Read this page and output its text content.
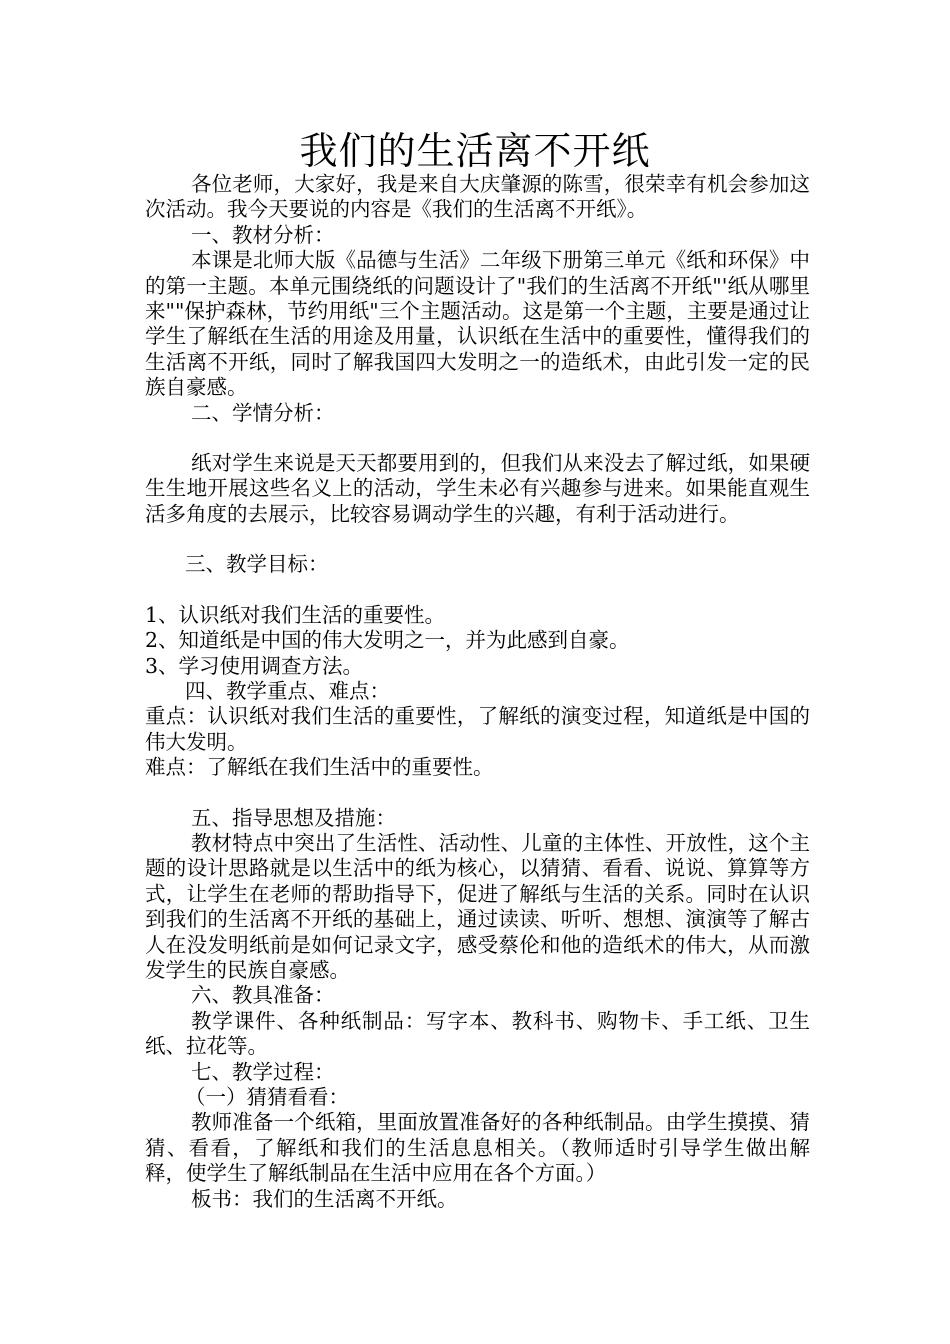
我们的生活离不开纸

各位老师，大家好，我是来自大庆肇源的陈雪，很荣幸有机会参加这次活动。我今天要说的内容是《我们的生活离不开纸》。

一、教材分析：

本课是北师大版《品德与生活》二年级下册第三单元《纸和环保》中的第一主题。本单元围绕纸的问题设计了"我们的生活离不开纸"'纸从哪里来""保护森林，节约用纸"三个主题活动。这是第一个主题，主要是通过让学生了解纸在生活的用途及用量，认识纸在生活中的重要性，懂得我们的生活离不开纸，同时了解我国四大发明之一的造纸术，由此引发一定的民族自豪感。

二、学情分析：

纸对学生来说是天天都要用到的，但我们从来没去了解过纸，如果硬生生地开展这些名义上的活动，学生未必有兴趣参与进来。如果能直观生活多角度的去展示，比较容易调动学生的兴趣，有利于活动进行。

三、教学目标：

1、认识纸对我们生活的重要性。

2、知道纸是中国的伟大发明之一，并为此感到自豪。

3、学习使用调查方法。

四、教学重点、难点：

重点：认识纸对我们生活的重要性，了解纸的演变过程，知道纸是中国的伟大发明。

难点：了解纸在我们生活中的重要性。

五、指导思想及措施：

教材特点中突出了生活性、活动性、儿童的主体性、开放性，这个主题的设计思路就是以生活中的纸为核心，以猜猜、看看、说说、算算等方式，让学生在老师的帮助指导下，促进了解纸与生活的关系。同时在认识到我们的生活离不开纸的基础上，通过读读、听听、想想、演演等了解古人在没发明纸前是如何记录文字，感受蔡伦和他的造纸术的伟大，从而激发学生的民族自豪感。

六、教具准备：

教学课件、各种纸制品：写字本、教科书、购物卡、手工纸、卫生纸、拉花等。

七、教学过程：

（一）猜猜看看：

教师准备一个纸箱，里面放置准备好的各种纸制品。由学生摸摸、猜猜、看看，了解纸和我们的生活息息相关。（教师适时引导学生做出解释，使学生了解纸制品在生活中应用在各个方面。）

板书：我们的生活离不开纸。
